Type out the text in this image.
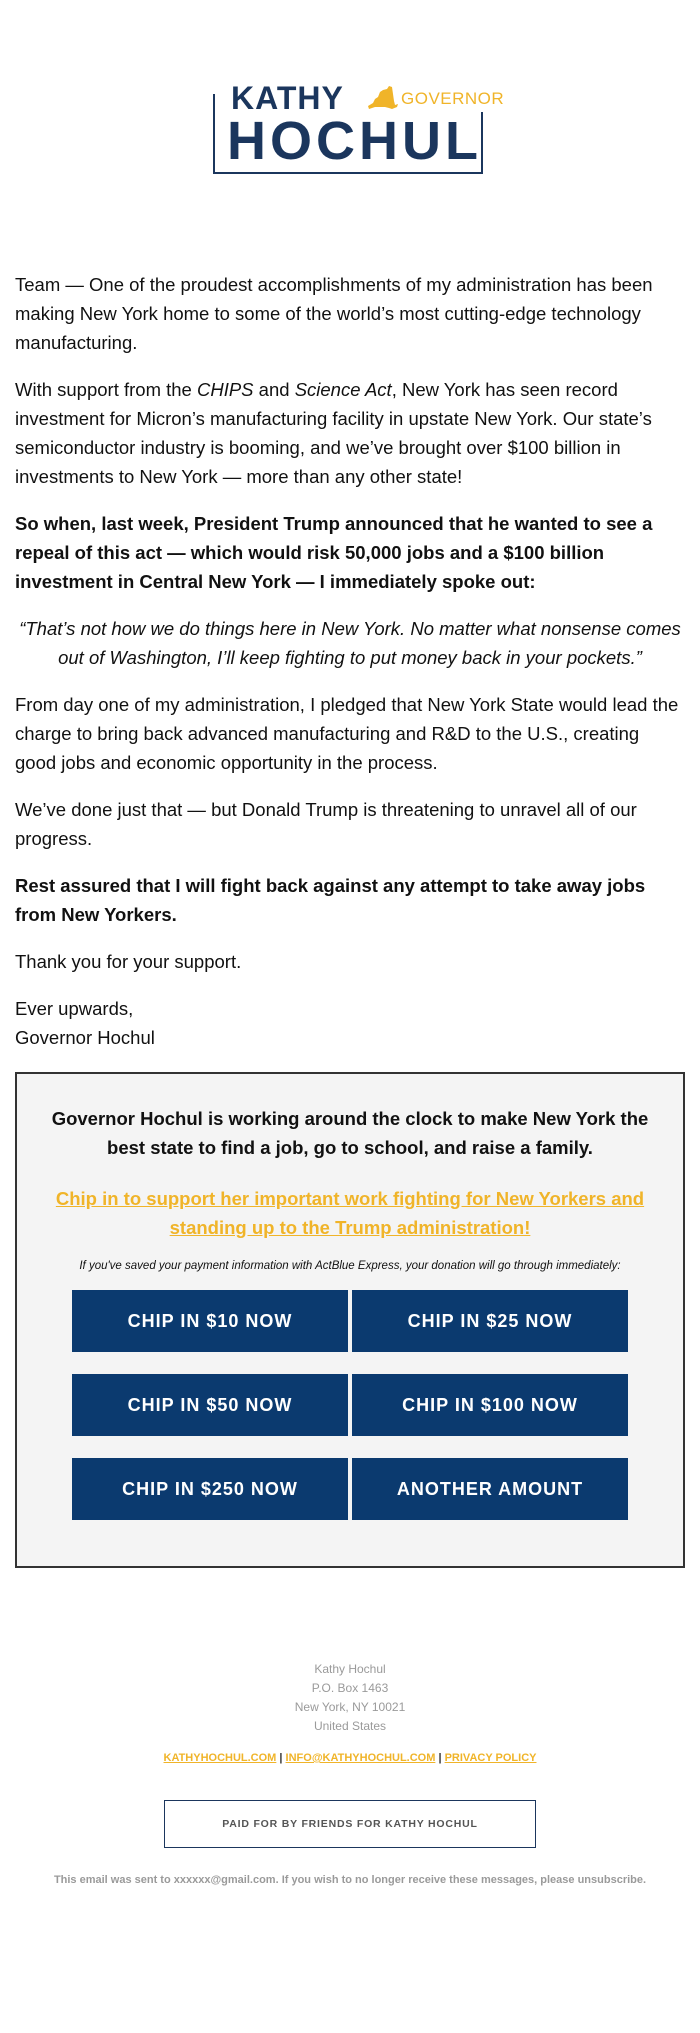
KATHY	GOVERNOR
HOCHUL

Team — One of the proudest accomplishments of my administration has been making New York home to some of the world’s most cutting-edge technology manufacturing.

With support from the CHIPS and Science Act, New York has seen record investment for Micron’s manufacturing facility in upstate New York. Our state’s semiconductor industry is booming, and we’ve brought over $100 billion in investments to New York — more than any other state!

So when, last week, President Trump announced that he wanted to see a repeal of this act — which would risk 50,000 jobs and a $100 billion investment in Central New York — I immediately spoke out:

“That’s not how we do things here in New York. No matter what nonsense comes out of Washington, I’ll keep fighting to put money back in your pockets.”

From day one of my administration, I pledged that New York State would lead the charge to bring back advanced manufacturing and R&D to the U.S., creating good jobs and economic opportunity in the process.

We’ve done just that — but Donald Trump is threatening to unravel all of our progress.

Rest assured that I will fight back against any attempt to take away jobs from New Yorkers.

Thank you for your support.

Ever upwards,
Governor Hochul

Governor Hochul is working around the clock to make New York the best state to find a job, go to school, and raise a family.
Chip in to support her important work fighting for New Yorkers and standing up to the Trump administration!
If you've saved your payment information with ActBlue Express, your donation will go through immediately:
CHIP IN $10 NOW	CHIP IN $25 NOW
CHIP IN $50 NOW	CHIP IN $100 NOW
CHIP IN $250 NOW	ANOTHER AMOUNT
Kathy Hochul
P.O. Box 1463
New York, NY 10021
United States
KATHYHOCHUL.COM | INFO@KATHYHOCHUL.COM | PRIVACY POLICY
PAID FOR BY FRIENDS FOR KATHY HOCHUL
This email was sent to xxxxxx@gmail.com. If you wish to no longer receive these messages, please unsubscribe.
